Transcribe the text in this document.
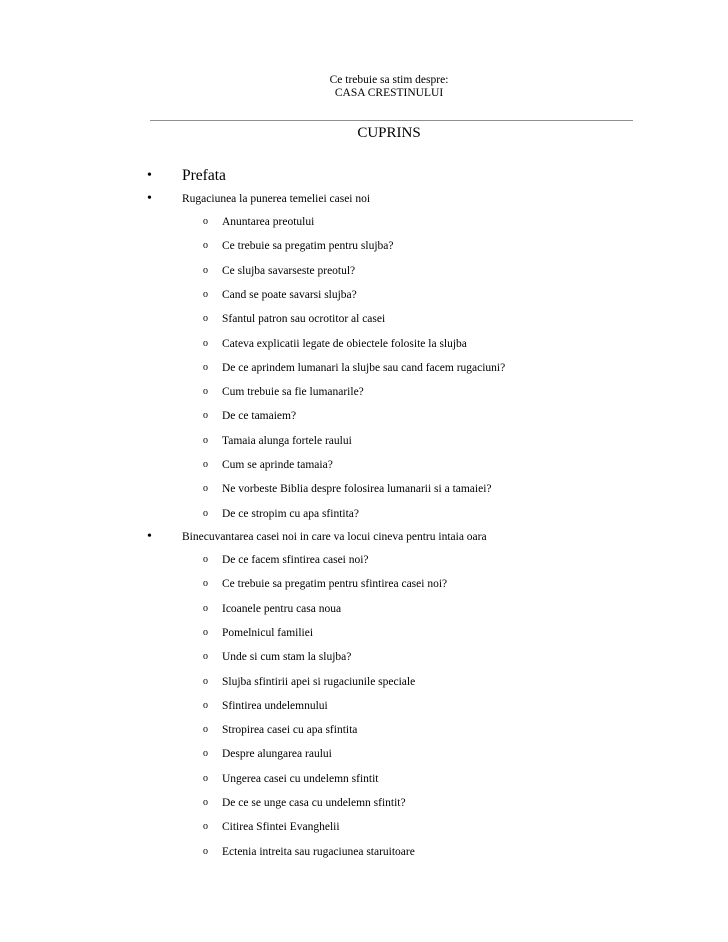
Ce trebuie sa stim despre:
CASA CRESTINULUI
CUPRINS
• Prefata
•	Rugaciunea la punerea temeliei casei noi
o Anuntarea preotului
o Ce trebuie sa pregatim pentru slujba?
o Ce slujba savarseste preotul?
o Cand se poate savarsi slujba?
o Sfantul patron sau ocrotitor al casei
o Cateva explicatii legate de obiectele folosite la slujba
o De ce aprindem lumanari la slujbe sau cand facem rugaciuni?
o Cum trebuie sa fie lumanarile?
o De ce tamaiem?
o Tamaia alunga fortele raului
o Cum se aprinde tamaia?
o Ne vorbeste Biblia despre folosirea lumanarii si a tamaiei?
o De ce stropim cu apa sfintita?
•	Binecuvantarea casei noi in care va locui cineva pentru intaia oara
o De ce facem sfintirea casei noi?
o Ce trebuie sa pregatim pentru sfintirea casei noi?
o Icoanele pentru casa noua
o Pomelnicul familiei
o Unde si cum stam la slujba?
o Slujba sfintirii apei si rugaciunile speciale
o Sfintirea undelemnului
o Stropirea casei cu apa sfintita
o Despre alungarea raului
o Ungerea casei cu undelemn sfintit
o De ce se unge casa cu undelemn sfintit?
o Citirea Sfintei Evanghelii
o Ectenia intreita sau rugaciunea staruitoare
